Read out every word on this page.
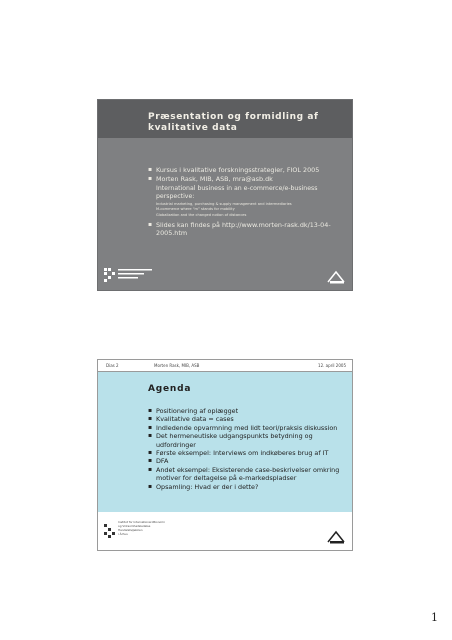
Præsentation og formidling af kvalitative data
▪ Kursus i kvalitative forskningsstrategier, FIOL 2005
▪ Morten Rask, MIB, ASB, mra@asb.dk
International business in an e-commerce/e-business perspective:
Industrial marketing, purchasing & supply management and intermediaries
M-commerce where “m” stands for mobility
Globalization and the changed notion of distances
▪ Slides kan findes på http://www.morten-rask.dk/13-04-2005.htm
Dias 2	Morten Rask, MIB, ASB	12. april 2005
Agenda
▪ Positionering af oplægget
▪ Kvalitative data = cases
▪ Indledende opvarmning med lidt teori/praksis diskussion
▪ Det hermeneutiske udgangspunkts betydning og udfordringer
▪ Første eksempel: Interviews om indkøberes brug af IT
▪ DFA
▪ Andet eksempel: Eksisterende case-beskrivelser omkring motiver for deltagelse på e-markedspladser
▪ Opsamling: Hvad er der i dette?
Institut for International Økonomi
og Virksomhedsledelse
Handelshøjskolen
i Århus
1
